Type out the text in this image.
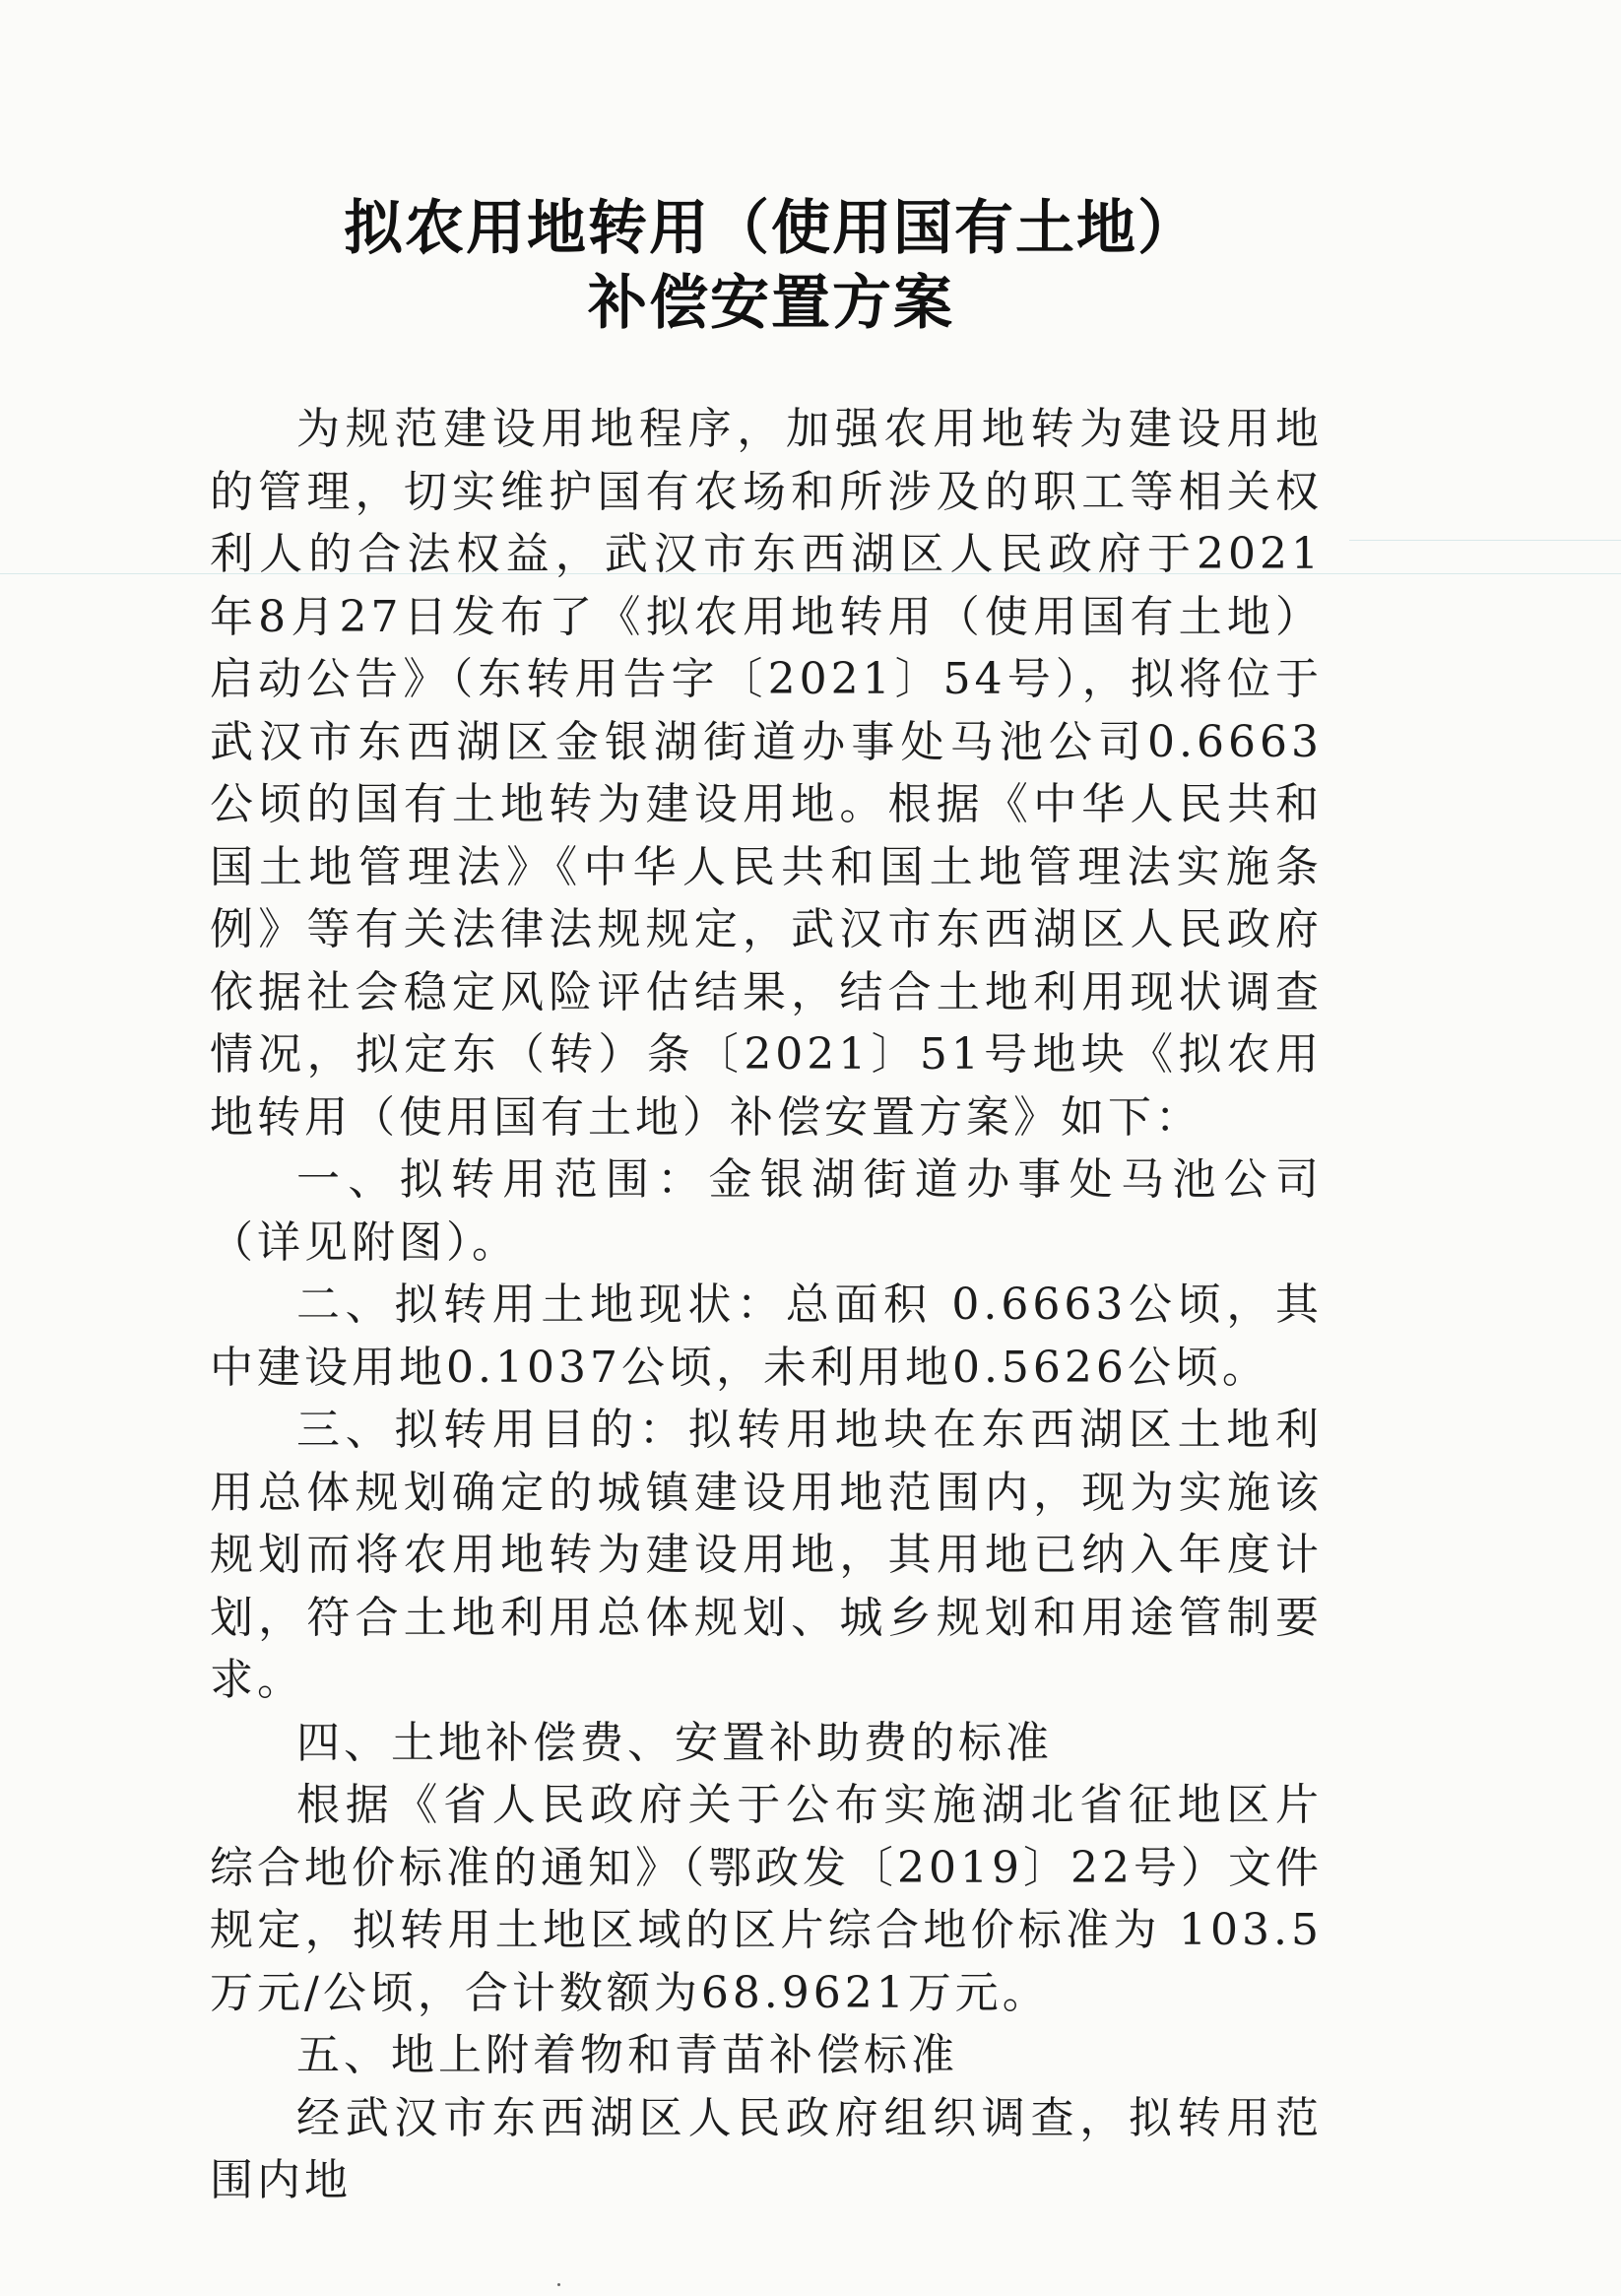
拟农用地转用（使用国有土地）
补偿安置方案

为规范建设用地程序，加强农用地转为建设用地的管理，切实维护国有农场和所涉及的职工等相关权利人的合法权益，武汉市东西湖区人民政府于2021年8月27日发布了《拟农用地转用（使用国有土地）启动公告》（东转用告字〔2021〕54号），拟将位于武汉市东西湖区金银湖街道办事处马池公司0.6663公顷的国有土地转为建设用地。根据《中华人民共和国土地管理法》《中华人民共和国土地管理法实施条例》等有关法律法规规定，武汉市东西湖区人民政府依据社会稳定风险评估结果，结合土地利用现状调查情况，拟定东（转）条〔2021〕51号地块《拟农用地转用（使用国有土地）补偿安置方案》如下：

一、拟转用范围：金银湖街道办事处马池公司（详见附图）。

二、拟转用土地现状：总面积 0.6663公顷，其中建设用地0.1037公顷，未利用地0.5626公顷。

三、拟转用目的：拟转用地块在东西湖区土地利用总体规划确定的城镇建设用地范围内，现为实施该规划而将农用地转为建设用地，其用地已纳入年度计划，符合土地利用总体规划、城乡规划和用途管制要求。

四、土地补偿费、安置补助费的标准

根据《省人民政府关于公布实施湖北省征地区片综合地价标准的通知》（鄂政发〔2019〕22号）文件规定，拟转用土地区域的区片综合地价标准为 103.5 万元/公顷，合计数额为68.9621万元。

五、地上附着物和青苗补偿标准

经武汉市东西湖区人民政府组织调查，拟转用范围内地
